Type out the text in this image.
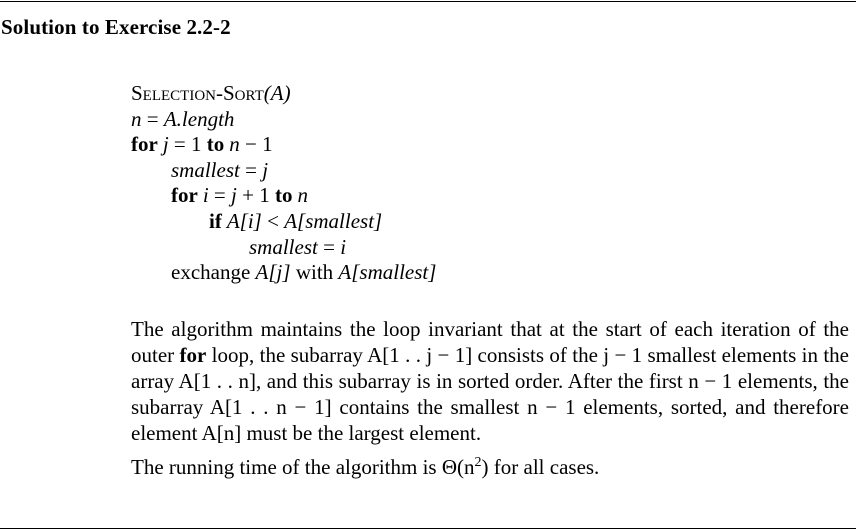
Solution to Exercise 2.2-2
Selection-Sort(A)
n = A.length
for j = 1 to n − 1
smallest = j
for i = j + 1 to n
if A[i] < A[smallest]
smallest = i
exchange A[j] with A[smallest]
The algorithm maintains the loop invariant that at the start of each iteration of the outer for loop, the subarray A[1 . . j − 1] consists of the j − 1 smallest elements in the array A[1 . . n], and this subarray is in sorted order. After the first n − 1 elements, the subarray A[1 . . n − 1] contains the smallest n − 1 elements, sorted, and therefore element A[n] must be the largest element.
The running time of the algorithm is $\Theta(n^2)$ for all cases.
